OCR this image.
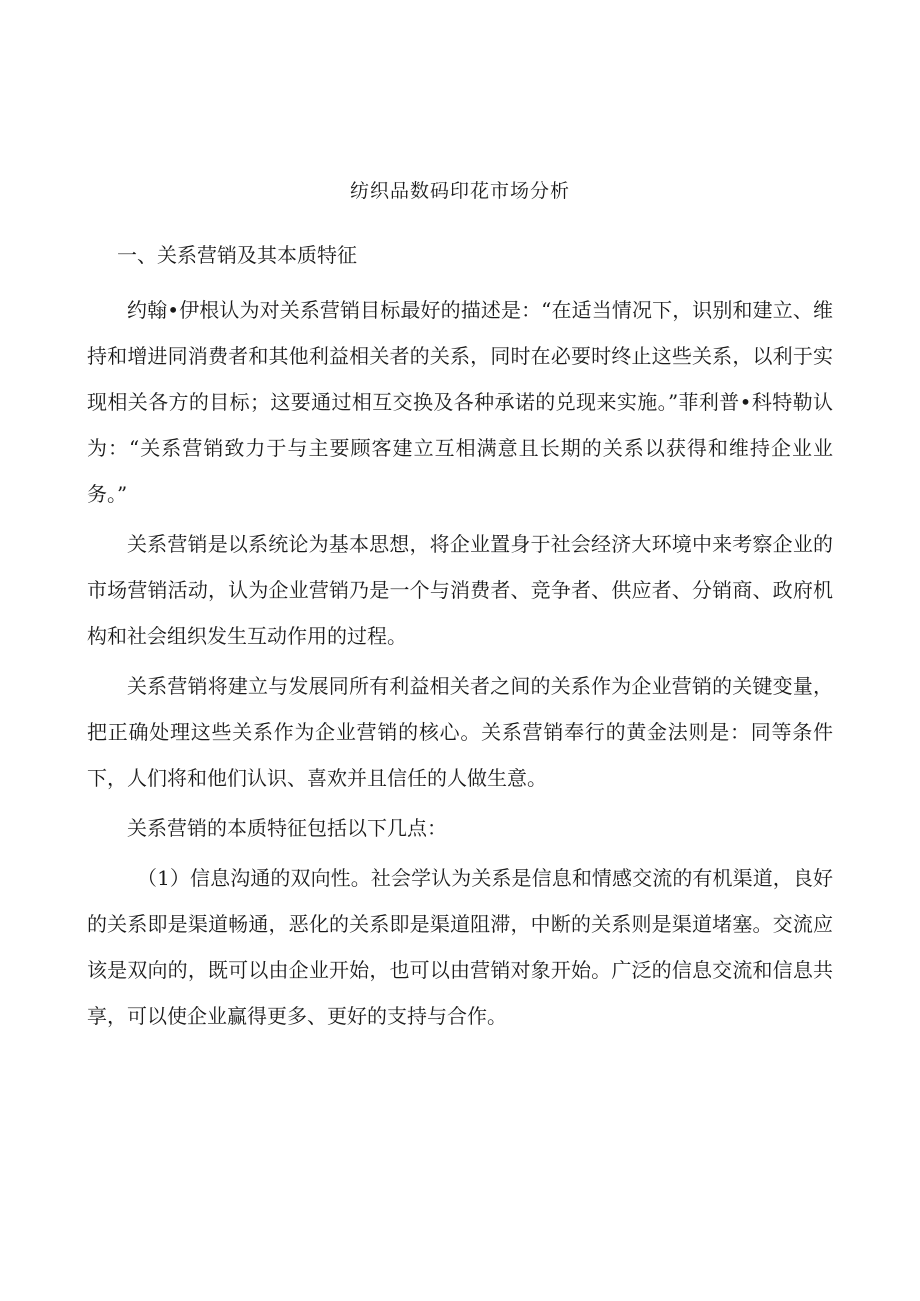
纺织品数码印花市场分析
一、关系营销及其本质特征

约翰•伊根认为对关系营销目标最好的描述是：“在适当情况下，识别和建立、维持和增进同消费者和其他利益相关者的关系，同时在必要时终止这些关系，以利于实现相关各方的目标；这要通过相互交换及各种承诺的兑现来实施。”菲利普•科特勒认为：“关系营销致力于与主要顾客建立互相满意且长期的关系以获得和维持企业业务。”

关系营销是以系统论为基本思想，将企业置身于社会经济大环境中来考察企业的市场营销活动，认为企业营销乃是一个与消费者、竞争者、供应者、分销商、政府机构和社会组织发生互动作用的过程。

关系营销将建立与发展同所有利益相关者之间的关系作为企业营销的关键变量，把正确处理这些关系作为企业营销的核心。关系营销奉行的黄金法则是：同等条件下，人们将和他们认识、喜欢并且信任的人做生意。

关系营销的本质特征包括以下几点：

（1）信息沟通的双向性。社会学认为关系是信息和情感交流的有机渠道，良好的关系即是渠道畅通，恶化的关系即是渠道阻滞，中断的关系则是渠道堵塞。交流应该是双向的，既可以由企业开始，也可以由营销对象开始。广泛的信息交流和信息共享，可以使企业赢得更多、更好的支持与合作。
